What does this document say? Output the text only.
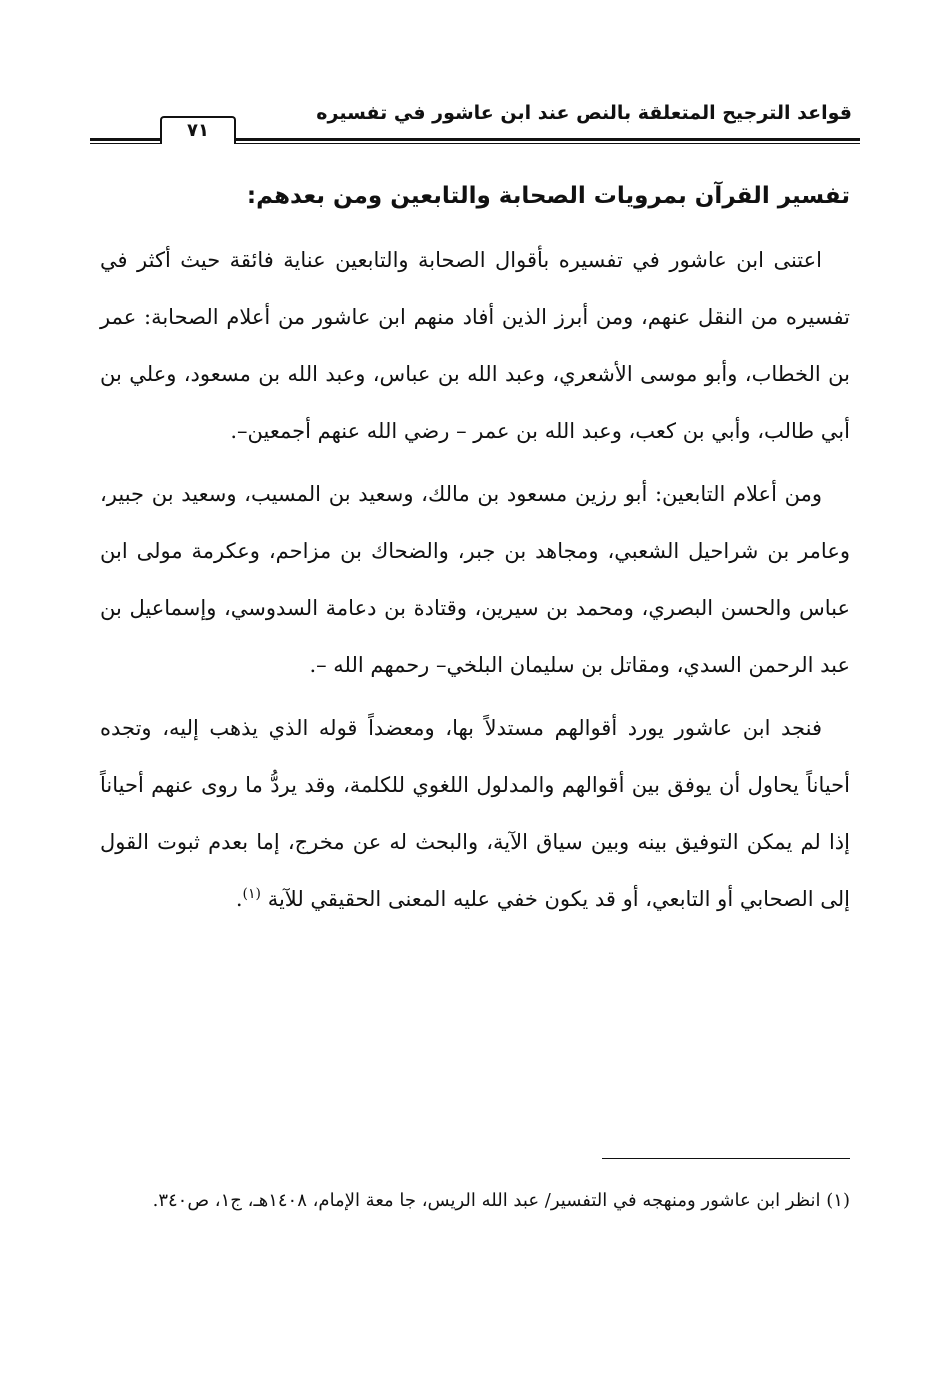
قواعد الترجيح المتعلقة بالنص عند ابن عاشور في تفسيره
٧١
تفسير القرآن بمرويات الصحابة والتابعين ومن بعدهم:

اعتنى ابن عاشور في تفسيره بأقوال الصحابة والتابعين عناية فائقة حيث أكثر في تفسيره من النقل عنهم، ومن أبرز الذين أفاد منهم ابن عاشور من أعلام الصحابة: عمر بن الخطاب، وأبو موسى الأشعري، وعبد الله بن عباس، وعبد الله بن مسعود، وعلي بن أبي طالب، وأبي بن كعب، وعبد الله بن عمر – رضي الله عنهم أجمعين–.

ومن أعلام التابعين: أبو رزين مسعود بن مالك، وسعيد بن المسيب، وسعيد بن جبير، وعامر بن شراحيل الشعبي، ومجاهد بن جبر، والضحاك بن مزاحم، وعكرمة مولى ابن عباس والحسن البصري، ومحمد بن سيرين، وقتادة بن دعامة السدوسي، وإسماعيل بن عبد الرحمن السدي، ومقاتل بن سليمان البلخي– رحمهم الله –.

فنجد ابن عاشور يورد أقوالهم مستدلاً بها، ومعضداً قوله الذي يذهب إليه، وتجده أحياناً يحاول أن يوفق بين أقوالهم والمدلول اللغوي للكلمة، وقد يردُّ ما روى عنهم أحياناً إذا لم يمكن التوفيق بينه وبين سياق الآية، والبحث له عن مخرج، إما بعدم ثبوت القول إلى الصحابي أو التابعي، أو قد يكون خفي عليه المعنى الحقيقي للآية $^{(١)}$.

(١) انظر ابن عاشور ومنهجه في التفسير/ عبد الله الريس، جا معة الإمام، ١٤٠٨هـ، ج١، ص٣٤٠.
